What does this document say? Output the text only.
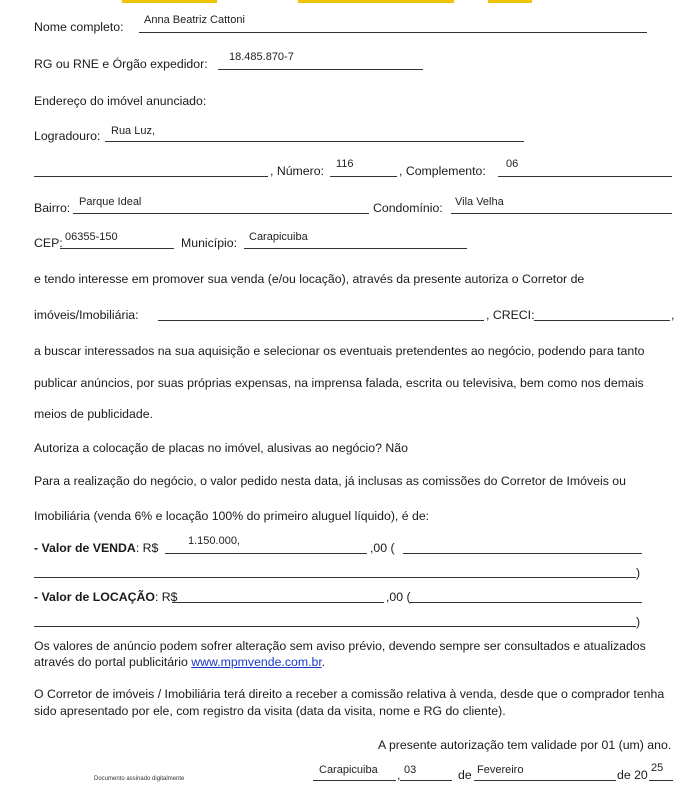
Nome completo: Anna Beatriz Cattoni
RG ou RNE e Órgão expedidor: 18.485.870-7
Endereço do imóvel anunciado:
Logradouro: Rua Luz,
, Número: 116	, Complemento: 06
Bairro: Parque Ideal	Condomínio: Vila Velha
CEP: 06355-150	Município: Carapicuiba
e tendo interesse em promover sua venda (e/ou locação), através da presente autoriza o Corretor de
imóveis/Imobiliária:	, CRECI:	,
a buscar interessados na sua aquisição e selecionar os eventuais pretendentes ao negócio, podendo para tanto
publicar anúncios, por suas próprias expensas, na imprensa falada, escrita ou televisiva, bem como nos demais
meios de publicidade.
Autoriza a colocação de placas no imóvel, alusivas ao negócio? Não
Para a realização do negócio, o valor pedido nesta data, já inclusas as comissões do Corretor de Imóveis ou
Imobiliária (venda 6% e locação 100% do primeiro aluguel líquido), é de:
- Valor de VENDA: R$	1.150.000,	,00 (
)
- Valor de LOCAÇÃO: R$	,00 (
)
Os valores de anúncio podem sofrer alteração sem aviso prévio, devendo sempre ser consultados e atualizados
através do portal publicitário www.mpmvende.com.br.
O Corretor de imóveis / Imobiliária terá direito a receber a comissão relativa à venda, desde que o comprador tenha
sido apresentado por ele, com registro da visita (data da visita, nome e RG do cliente).
A presente autorização tem validade por 01 (um) ano.
Documento assinado digitalmente
Carapicuiba , 03	de Fevereiro	de 20 25
